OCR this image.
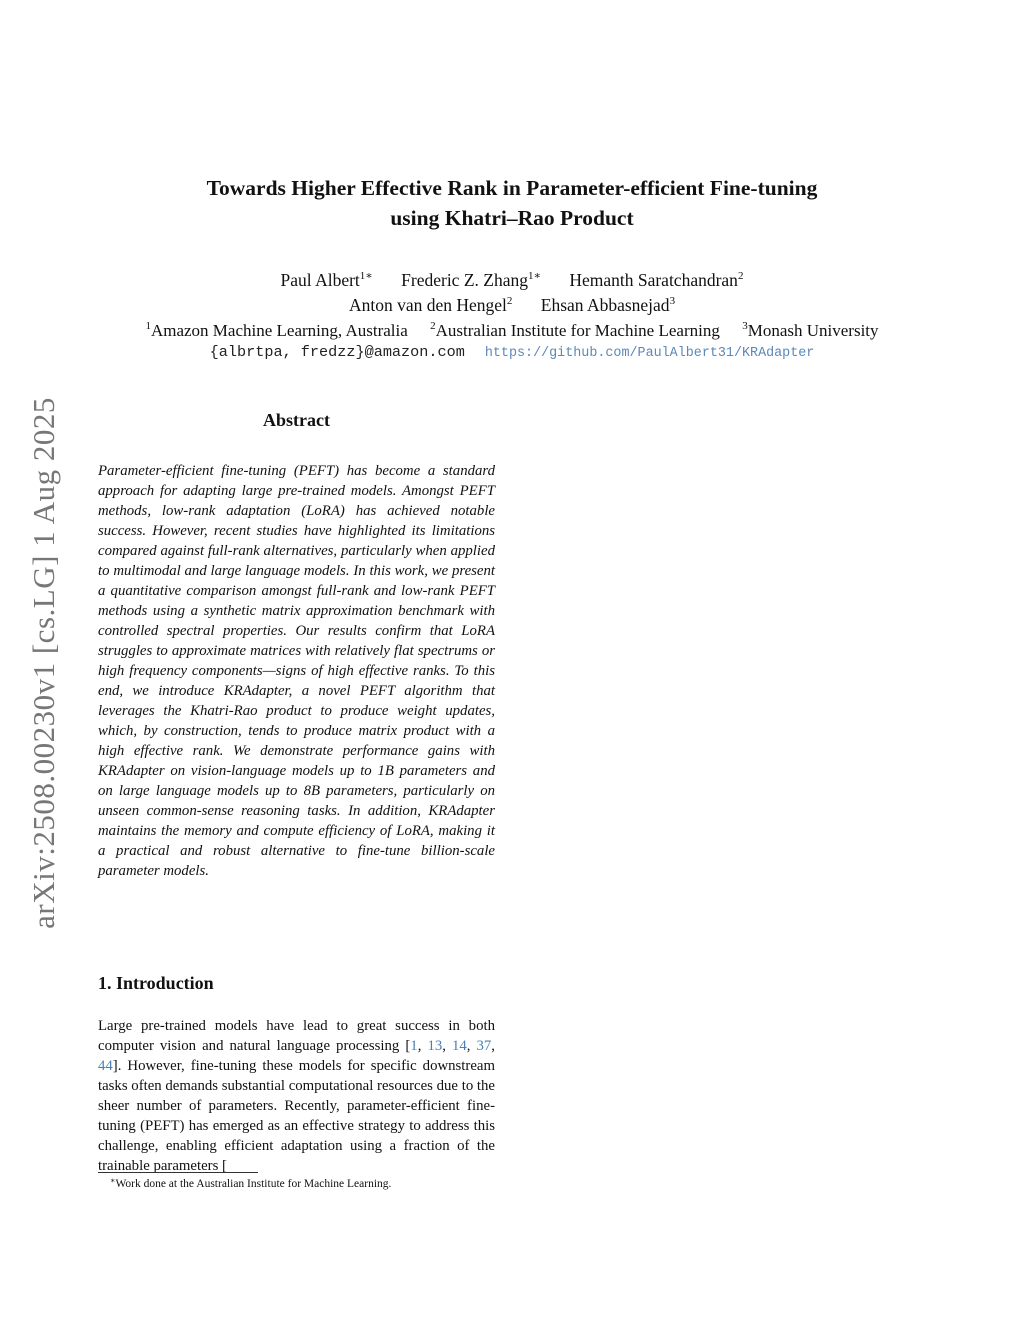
arXiv:2508.00230v1 [cs.LG] 1 Aug 2025
Towards Higher Effective Rank in Parameter-efficient Fine-tuning
using Khatri–Rao Product
Paul Albert$^{1∗}$ Frederic Z. Zhang$^{1∗}$ Hemanth Saratchandran$^2$
Anton van den Hengel$^2$ Ehsan Abbasnejad$^3$
$^1$Amazon Machine Learning, Australia $^2$Australian Institute for Machine Learning $^3$Monash University
{albrtpa, fredzz}@amazon.com https://github.com/PaulAlbert31/KRAdapter
Abstract
Parameter-efficient fine-tuning (PEFT) has become a standard approach for adapting large pre-trained models. Amongst PEFT methods, low-rank adaptation (LoRA) has achieved notable success. However, recent studies have highlighted its limitations compared against full-rank alternatives, particularly when applied to multimodal and large language models. In this work, we present a quantitative comparison amongst full-rank and low-rank PEFT methods using a synthetic matrix approximation benchmark with controlled spectral properties. Our results confirm that LoRA struggles to approximate matrices with relatively flat spectrums or high frequency components—signs of high effective ranks. To this end, we introduce KRAdapter, a novel PEFT algorithm that leverages the Khatri-Rao product to produce weight updates, which, by construction, tends to produce matrix product with a high effective rank. We demonstrate performance gains with KRAdapter on vision-language models up to 1B parameters and on large language models up to 8B parameters, particularly on unseen common-sense reasoning tasks. In addition, KRAdapter maintains the memory and compute efficiency of LoRA, making it a practical and robust alternative to fine-tune billion-scale parameter models.
1. Introduction

Large pre-trained models have lead to great success in both computer vision and natural language processing [1, 13, 14, 37, 44]. However, fine-tuning these models for specific downstream tasks often demands substantial computational resources due to the sheer number of parameters. Recently, parameter-efficient fine-tuning (PEFT) has emerged as an effective strategy to address this challenge, enabling efficient adaptation using a fraction of the trainable parameters [

∗Work done at the Australian Institute for Machine Learning.
